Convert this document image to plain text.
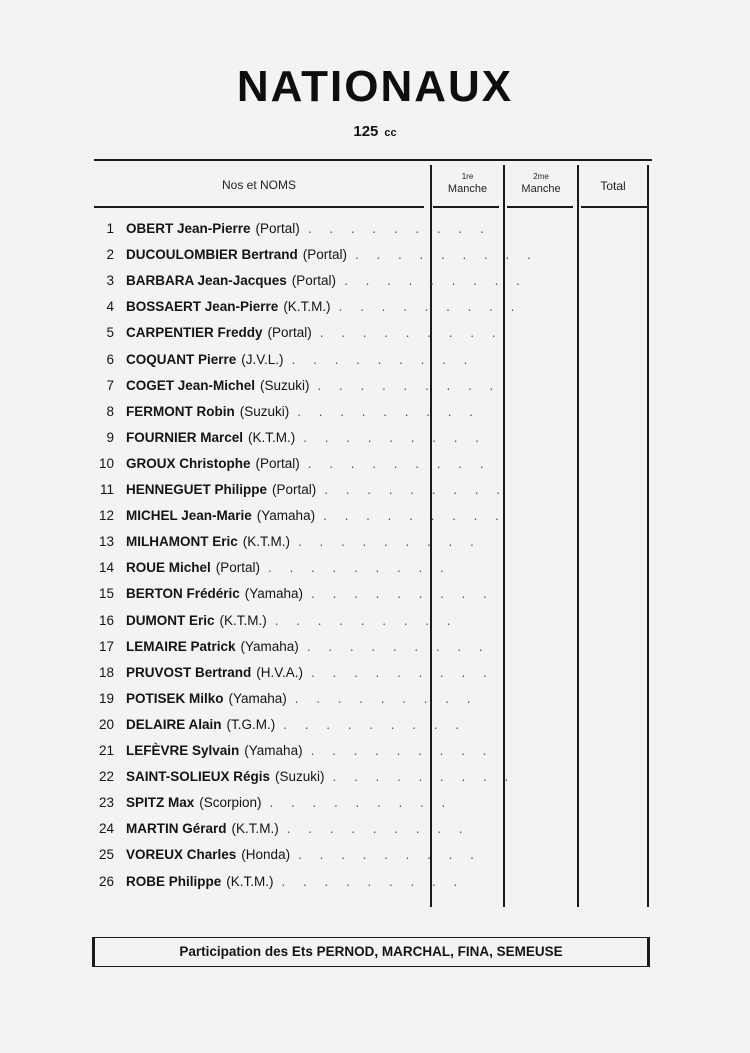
NATIONAUX
125 cc
Nos et NOMS
1re
Manche
2me
Manche	Total
1 OBERT Jean-Pierre (Portal) . . . . . . . . .
2 DUCOULOMBIER Bertrand (Portal) . . . . . . . . .
3 BARBARA Jean-Jacques (Portal) . . . . . . . . .
4 BOSSAERT Jean-Pierre (K.T.M.) . . . . . . . . .
5 CARPENTIER Freddy (Portal) . . . . . . . . .
6 COQUANT Pierre (J.V.L.) . . . . . . . . .
7 COGET Jean-Michel (Suzuki) . . . . . . . . .
8 FERMONT Robin (Suzuki) . . . . . . . . .
9 FOURNIER Marcel (K.T.M.) . . . . . . . . .
10 GROUX Christophe (Portal) . . . . . . . . .
11 HENNEGUET Philippe (Portal) . . . . . . . . .
12 MICHEL Jean-Marie (Yamaha) . . . . . . . . .
13 MILHAMONT Eric (K.T.M.) . . . . . . . . .
14 ROUE Michel (Portal) . . . . . . . . .
15 BERTON Frédéric (Yamaha) . . . . . . . . .
16 DUMONT Eric (K.T.M.) . . . . . . . . .
17 LEMAIRE Patrick (Yamaha) . . . . . . . . .
18 PRUVOST Bertrand (H.V.A.) . . . . . . . . .
19 POTISEK Milko (Yamaha) . . . . . . . . .
20 DELAIRE Alain (T.G.M.) . . . . . . . . .
21 LEFÈVRE Sylvain (Yamaha) . . . . . . . . .
22 SAINT-SOLIEUX Régis (Suzuki) . . . . . . . . .
23 SPITZ Max (Scorpion) . . . . . . . . .
24 MARTIN Gérard (K.T.M.) . . . . . . . . .
25 VOREUX Charles (Honda) . . . . . . . . .
26 ROBE Philippe (K.T.M.) . . . . . . . . .
Participation des Ets PERNOD, MARCHAL, FINA, SEMEUSE
